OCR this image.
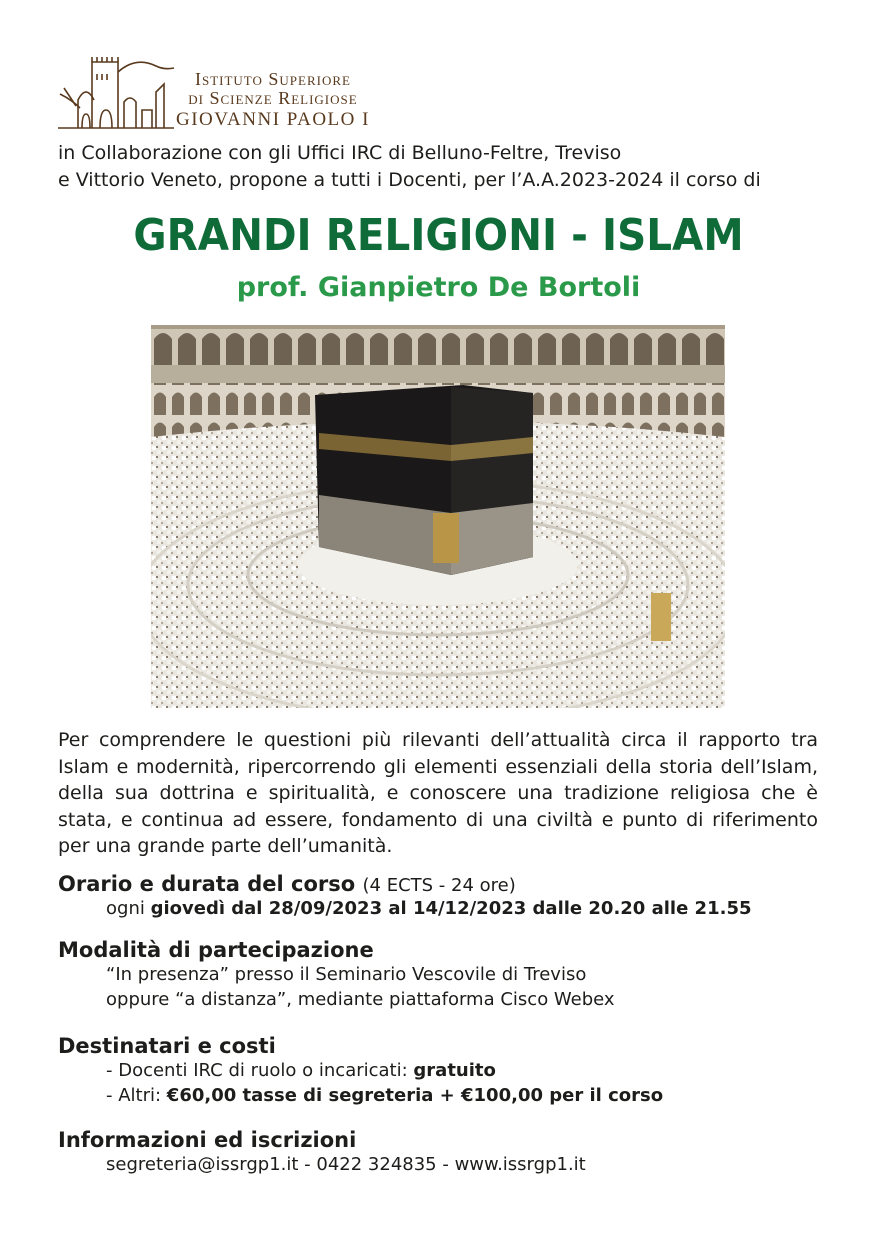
Istituto Superiore
di Scienze Religiose
GIOVANNI PAOLO I
in Collaborazione con gli Uffici IRC di Belluno-Feltre, Treviso
e Vittorio Veneto, propone a tutti i Docenti, per l’A.A.2023-2024 il corso di
GRANDI RELIGIONI - ISLAM
prof. Gianpietro De Bortoli
Per comprendere le questioni più rilevanti dell’attualità circa il rapporto tra Islam e modernità, ripercorrendo gli elementi essenziali della storia dell’Islam, della sua dottrina e spiritualità, e conoscere una tradizione religiosa che è stata, e continua ad essere, fondamento di una civiltà e punto di riferimento per una grande parte dell’umanità.
Orario e durata del corso (4 ECTS - 24 ore)
ogni giovedì dal 28/09/2023 al 14/12/2023 dalle 20.20 alle 21.55
Modalità di partecipazione
“In presenza” presso il Seminario Vescovile di Treviso
oppure “a distanza”, mediante piattaforma Cisco Webex
Destinatari e costi
- Docenti IRC di ruolo o incaricati: gratuito
- Altri: €60,00 tasse di segreteria + €100,00 per il corso
Informazioni ed iscrizioni
segreteria@issrgp1.it - 0422 324835 - www.issrgp1.it
